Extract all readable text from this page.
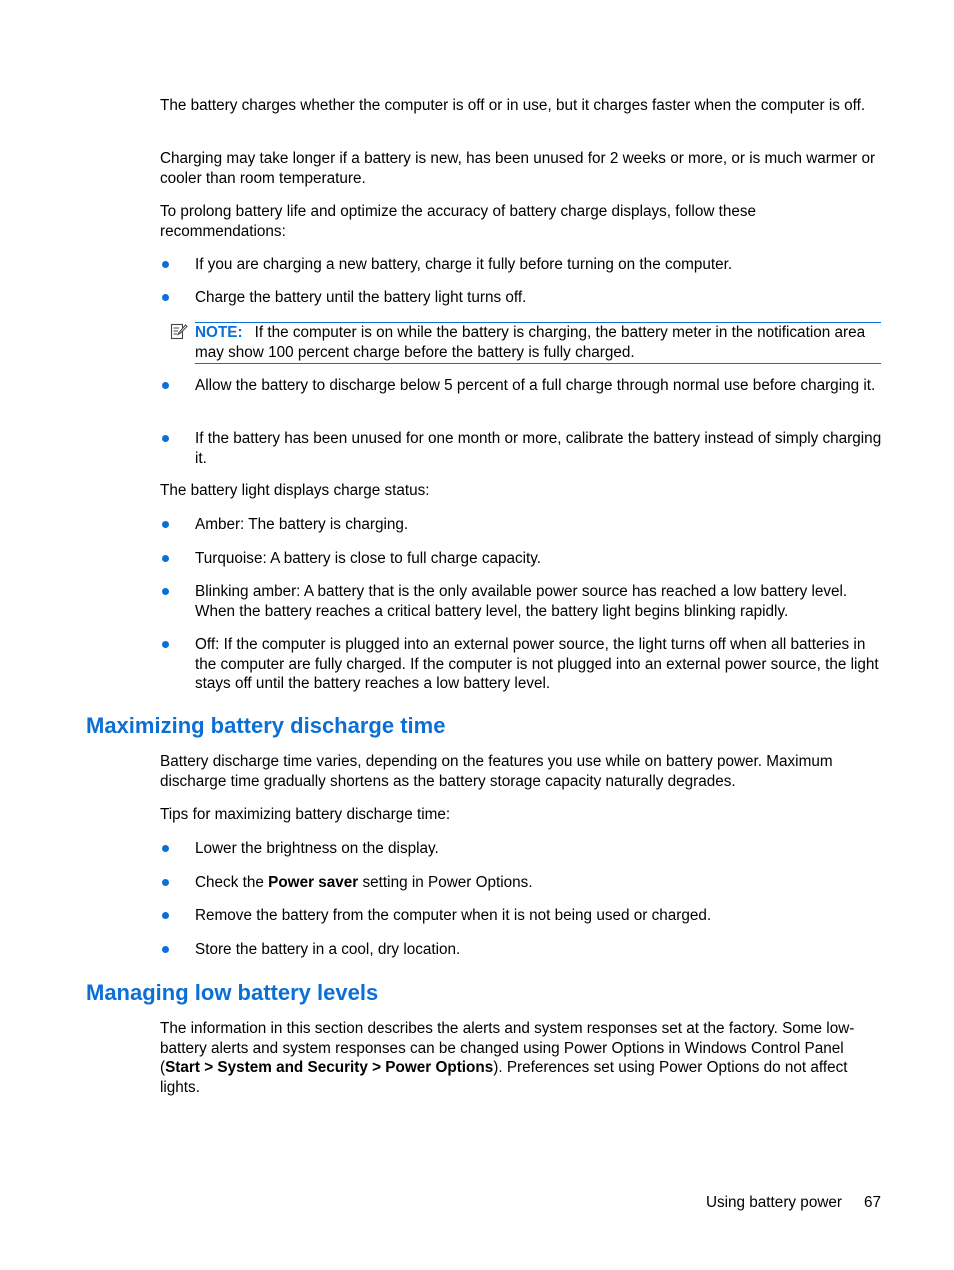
The battery charges whether the computer is off or in use, but it charges faster when the computer is off.

Charging may take longer if a battery is new, has been unused for 2 weeks or more, or is much warmer or cooler than room temperature.

To prolong battery life and optimize the accuracy of battery charge displays, follow these recommendations:

If you are charging a new battery, charge it fully before turning on the computer.
Charge the battery until the battery light turns off.
NOTE: If the computer is on while the battery is charging, the battery meter in the notification area may show 100 percent charge before the battery is fully charged.
Allow the battery to discharge below 5 percent of a full charge through normal use before charging it.
If the battery has been unused for one month or more, calibrate the battery instead of simply charging it.

The battery light displays charge status:

Amber: The battery is charging.
Turquoise: A battery is close to full charge capacity.
Blinking amber: A battery that is the only available power source has reached a low battery level. When the battery reaches a critical battery level, the battery light begins blinking rapidly.
Off: If the computer is plugged into an external power source, the light turns off when all batteries in the computer are fully charged. If the computer is not plugged into an external power source, the light stays off until the battery reaches a low battery level.
Maximizing battery discharge time

Battery discharge time varies, depending on the features you use while on battery power. Maximum discharge time gradually shortens as the battery storage capacity naturally degrades.

Tips for maximizing battery discharge time:

Lower the brightness on the display.
Check the Power saver setting in Power Options.
Remove the battery from the computer when it is not being used or charged.
Store the battery in a cool, dry location.
Managing low battery levels

The information in this section describes the alerts and system responses set at the factory. Some low-battery alerts and system responses can be changed using Power Options in Windows Control Panel (Start > System and Security > Power Options). Preferences set using Power Options do not affect lights.

Using battery power 67
